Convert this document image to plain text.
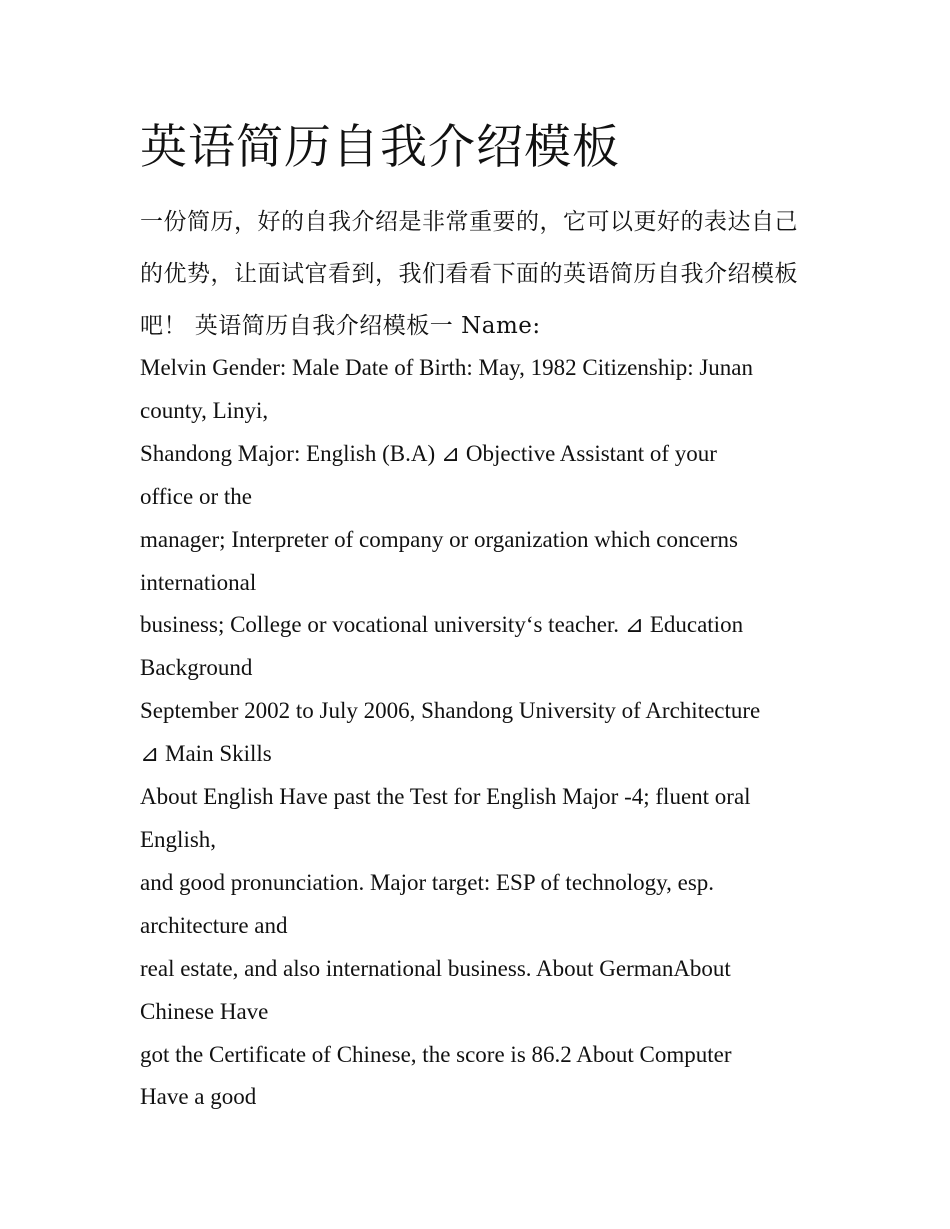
英语简历自我介绍模板

一份简历，好的自我介绍是非常重要的，它可以更好的表达自己的优势，让面试官看到，我们看看下面的英语简历自我介绍模板吧！ 英语简历自我介绍模板一 Name:

Melvin Gender: Male Date of Birth: May, 1982 Citizenship: Junan
county, Linyi,
Shandong Major: English (B.A) ⊿ Objective Assistant of your
office or the
manager; Interpreter of company or organization which concerns
international
business; College or vocational university‘s teacher. ⊿ Education
Background
September 2002 to July 2006, Shandong University of Architecture
⊿ Main Skills
About English Have past the Test for English Major -4; fluent oral
English,
and good pronunciation. Major target: ESP of technology, esp.
architecture and
real estate, and also international business. About GermanAbout
Chinese Have
got the Certificate of Chinese, the score is 86.2 About Computer
Have a good
